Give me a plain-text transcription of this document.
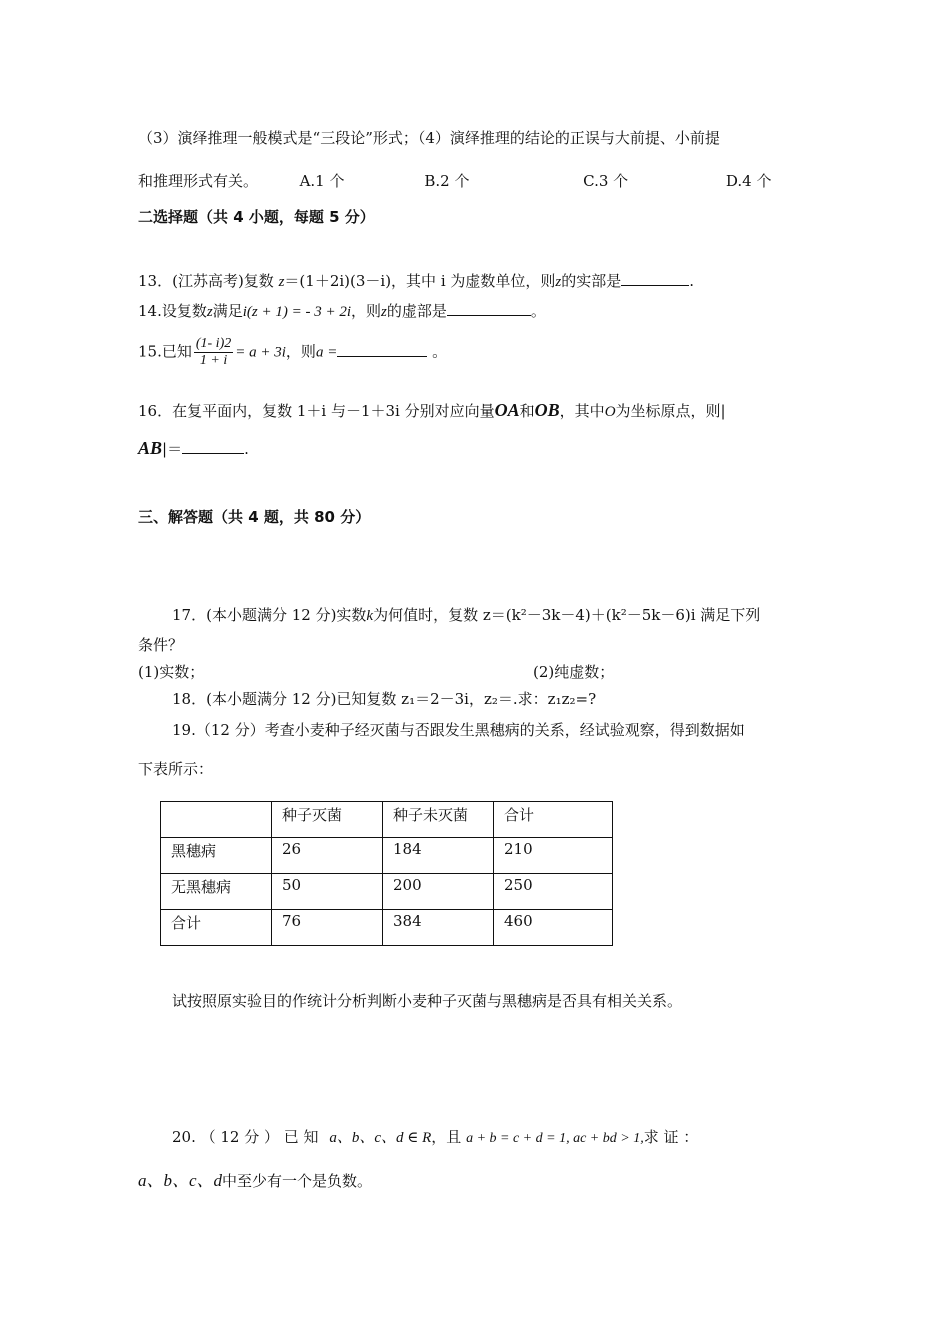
（3）演绎推理一般模式是“三段论”形式；（4）演绎推理的结论的正误与大前提、小前提
和推理形式有关。	A.1 个	B.2 个	C.3 个	D.4 个
二选择题（共 4 小题，每题 5 分）
13．(江苏高考)复数 z＝(1＋2i)(3－i)，其中 i 为虚数单位，则z的实部是	.
14.设复数z满足i(z + 1) = - 3 + 2i，则z的虚部是	。
15.已知 $\frac{(1- i)2}{1 + i} = a + 3i$，则a =	。
16．在复平面内，复数 1＋i 与－1＋3i 分别对应向量OA和OB，其中O为坐标原点，则|
AB|＝	.
三、解答题（共 4 题，共 80 分）
17．(本小题满分 12 分)实数k为何值时，复数 z＝(k²－3k－4)＋(k²－5k－6)i 满足下列
条件？
(1)实数；	(2)纯虚数；
18．(本小题满分 12 分)已知复数 z₁＝2－3i，z₂＝.求：z₁z₂=?
19.（12 分）考查小麦种子经灭菌与否跟发生黑穗病的关系，经试验观察，得到数据如
下表所示：
	种子灭菌	种子未灭菌	合计
黑穗病	26	184	210
无黑穗病	50	200	250
合计	76	384	460
试按照原实验目的作统计分析判断小麦种子灭菌与黑穗病是否具有相关关系。
20. （ 12 分 ） 已 知 a、b、c、d ∈ R，且 a + b = c + d = 1, ac + bd > 1,求 证 ：
a、b、c、d中至少有一个是负数。
